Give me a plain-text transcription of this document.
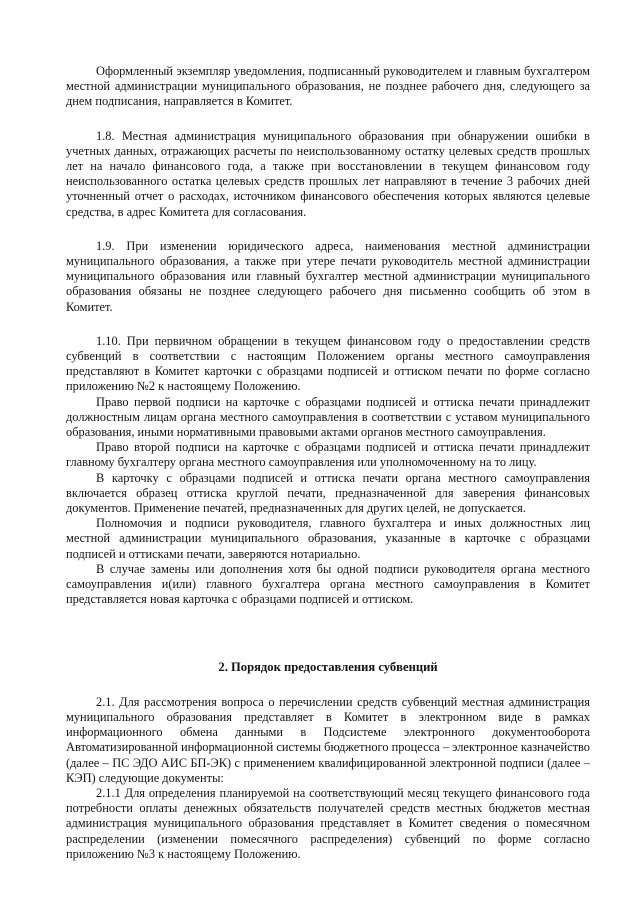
Оформленный экземпляр уведомления, подписанный руководителем и главным бухгалтером местной администрации муниципального образования, не позднее рабочего дня, следующего за днем подписания, направляется в Комитет.

1.8. Местная администрация муниципального образования при обнаружении ошибки в учетных данных, отражающих расчеты по неиспользованному остатку целевых средств прошлых лет на начало финансового года, а также при восстановлении в текущем финансовом году неиспользованного остатка целевых средств прошлых лет направляют в течение 3 рабочих дней уточненный отчет о расходах, источником финансового обеспечения которых являются целевые средства, в адрес Комитета для согласования.

1.9. При изменении юридического адреса, наименования местной администрации муниципального образования, а также при утере печати руководитель местной администрации муниципального образования или главный бухгалтер местной администрации муниципального образования обязаны не позднее следующего рабочего дня письменно сообщить об этом в Комитет.

1.10. При первичном обращении в текущем финансовом году о предоставлении средств субвенций в соответствии с настоящим Положением органы местного самоуправления представляют в Комитет карточки с образцами подписей и оттиском печати по форме согласно приложению №2 к настоящему Положению.

Право первой подписи на карточке с образцами подписей и оттиска печати принадлежит должностным лицам органа местного самоуправления в соответствии с уставом муниципального образования, иными нормативными правовыми актами органов местного самоуправления.

Право второй подписи на карточке с образцами подписей и оттиска печати принадлежит главному бухгалтеру органа местного самоуправления или уполномоченному на то лицу.

В карточку с образцами подписей и оттиска печати органа местного самоуправления включается образец оттиска круглой печати, предназначенной для заверения финансовых документов. Применение печатей, предназначенных для других целей, не допускается.

Полномочия и подписи руководителя, главного бухгалтера и иных должностных лиц местной администрации муниципального образования, указанные в карточке с образцами подписей и оттисками печати, заверяются нотариально.

В случае замены или дополнения хотя бы одной подписи руководителя органа местного самоуправления и(или) главного бухгалтера органа местного самоуправления в Комитет представляется новая карточка с образцами подписей и оттиском.

2. Порядок предоставления субвенций

2.1. Для рассмотрения вопроса о перечислении средств субвенций местная администрация муниципального образования представляет в Комитет в электронном виде в рамках информационного обмена данными в Подсистеме электронного документооборота Автоматизированной информационной системы бюджетного процесса – электронное казначейство (далее – ПС ЭДО АИС БП-ЭК) с применением квалифицированной электронной подписи (далее – КЭП) следующие документы:

2.1.1 Для определения планируемой на соответствующий месяц текущего финансового года потребности оплаты денежных обязательств получателей средств местных бюджетов местная администрация муниципального образования представляет в Комитет сведения о помесячном распределении (изменении помесячного распределения) субвенций по форме согласно приложению №3 к настоящему Положению.
